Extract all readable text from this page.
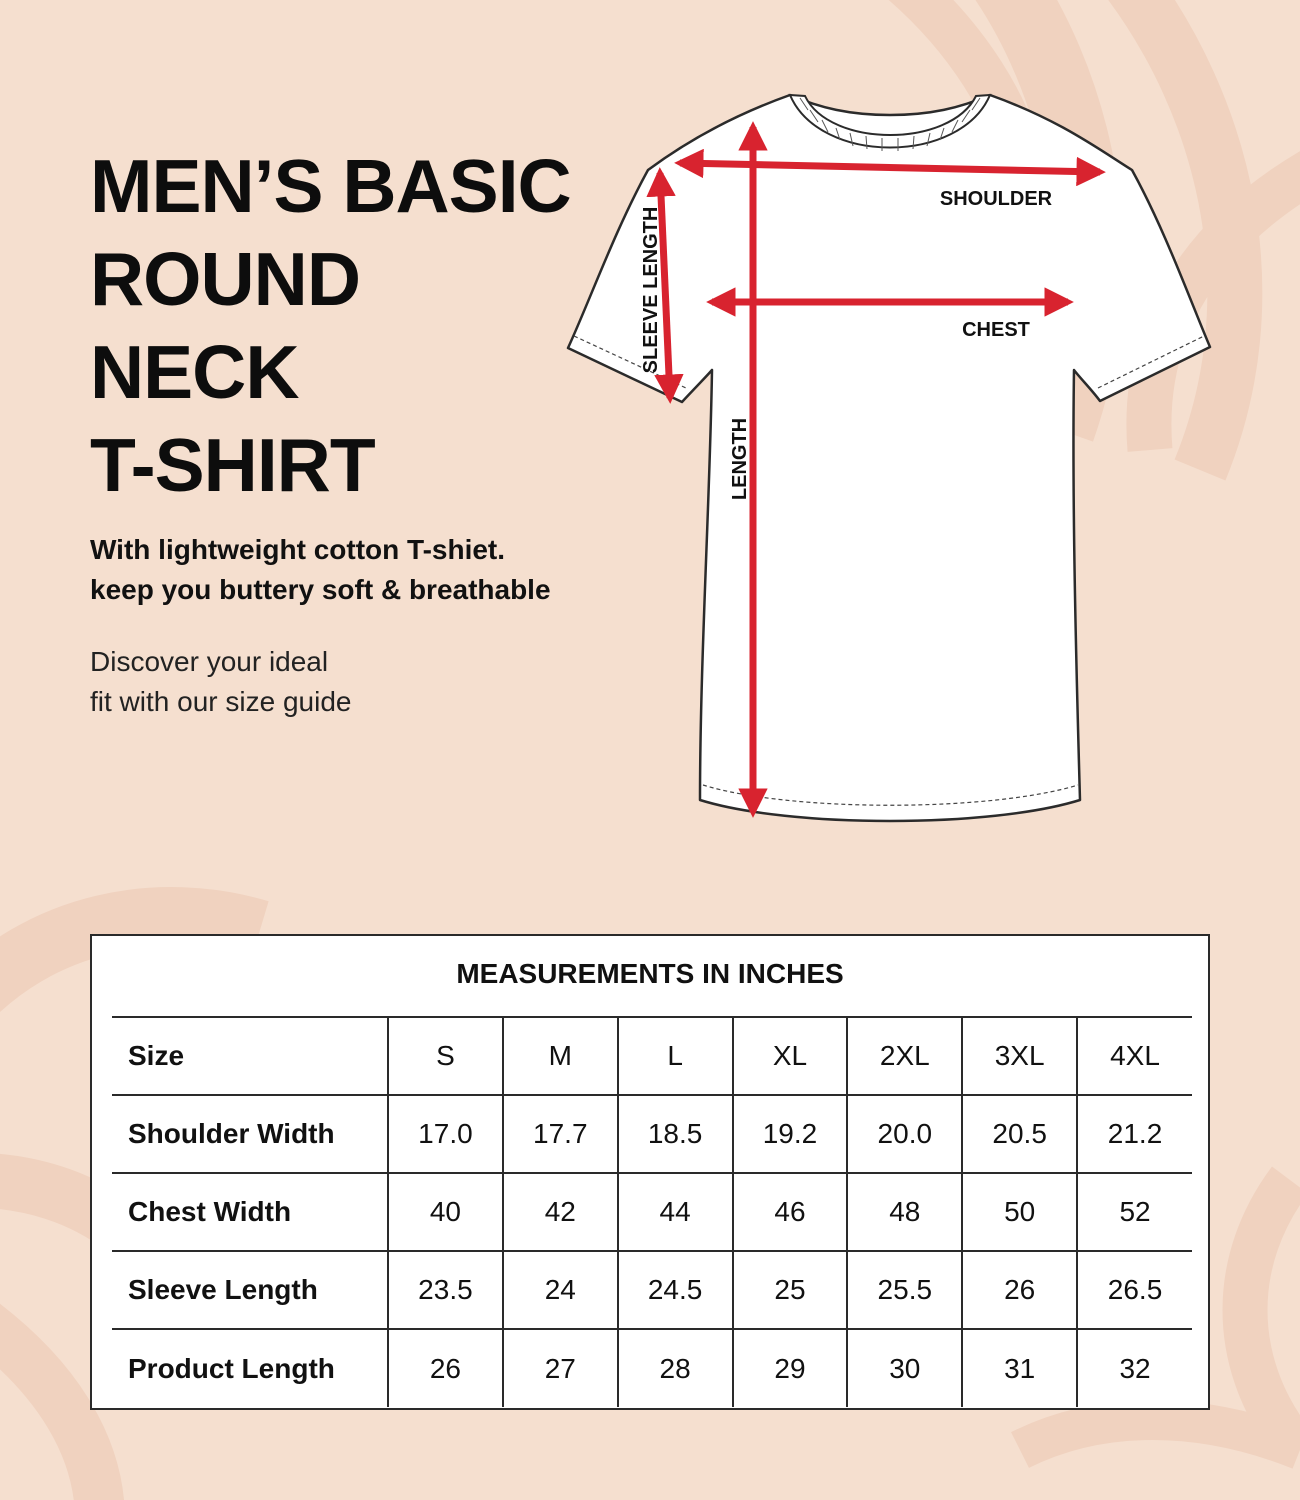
MEN’S BASIC
ROUND
NECK
T-SHIRT

With lightweight cotton T-shiet.
keep you buttery soft & breathable

Discover your ideal
fit with our size guide

SHOULDER
CHEST
SLEEVE LENGTH
LENGTH
MEASUREMENTS IN INCHES
Size	S	M	L	XL	2XL	3XL	4XL
Shoulder Width	17.0	17.7	18.5	19.2	20.0	20.5	21.2
Chest Width	40	42	44	46	48	50	52
Sleeve Length	23.5	24	24.5	25	25.5	26	26.5
Product Length	26	27	28	29	30	31	32
